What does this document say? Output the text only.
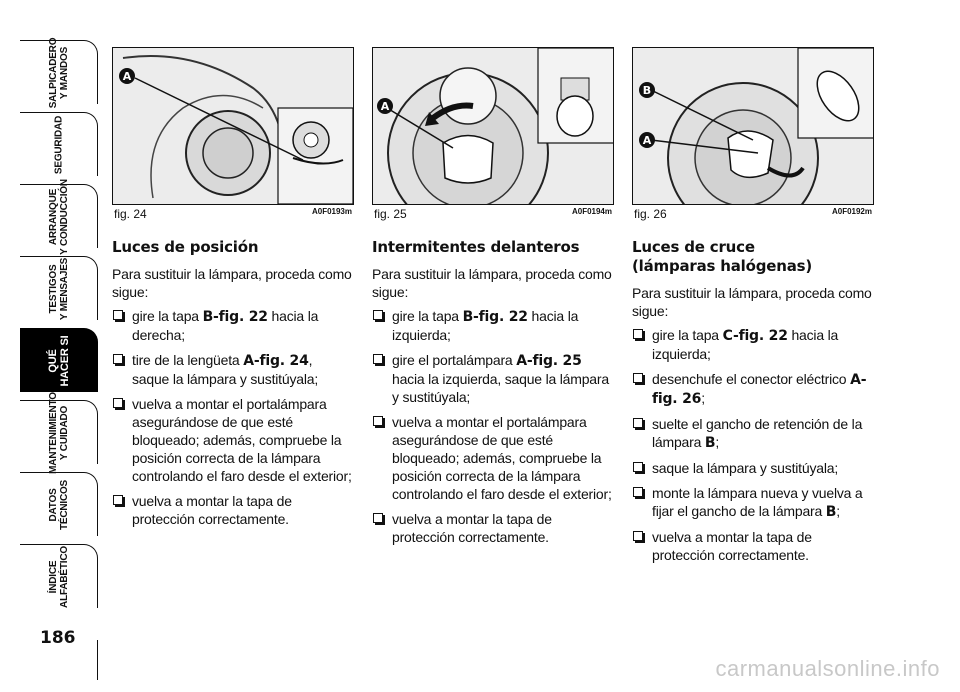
SALPICADERO
Y MANDOS
SEGURIDAD
ARRANQUE
Y CONDUCCIÓN
TESTIGOS
Y MENSAJES
QUÉ
HACER SI
MANTENIMIENTO
Y CUIDADO
DATOS
TÉCNICOS
ÍNDICE
ALFABÉTICO
186
A
fig. 24	A0F0193m
A
fig. 25	A0F0194m
B
A
fig. 26	A0F0192m
Luces de posición

Para sustituir la lámpara, proceda como sigue:

gire la tapa B-fig. 22 hacia la derecha;
tire de la lengüeta A-fig. 24, saque la lámpara y sustitúyala;
vuelva a montar el portalámpara asegurándose de que esté bloqueado; además, compruebe la posición correcta de la lámpara controlando el faro desde el exterior;
vuelva a montar la tapa de protección correctamente.
Intermitentes delanteros

Para sustituir la lámpara, proceda como sigue:

gire la tapa B-fig. 22 hacia la izquierda;
gire el portalámpara A-fig. 25 hacia la izquierda, saque la lámpara y sustitúyala;
vuelva a montar el portalámpara asegurándose de que esté bloqueado; además, compruebe la posición correcta de la lámpara controlando el faro desde el exterior;
vuelva a montar la tapa de protección correctamente.
Luces de cruce
(lámparas halógenas)

Para sustituir la lámpara, proceda como sigue:

gire la tapa C-fig. 22 hacia la izquierda;
desenchufe el conector eléctrico A-fig. 26;
suelte el gancho de retención de la lámpara B;
saque la lámpara y sustitúyala;
monte la lámpara nueva y vuelva a fijar el gancho de la lámpara B;
vuelva a montar la tapa de protección correctamente.
carmanualsonline.info
